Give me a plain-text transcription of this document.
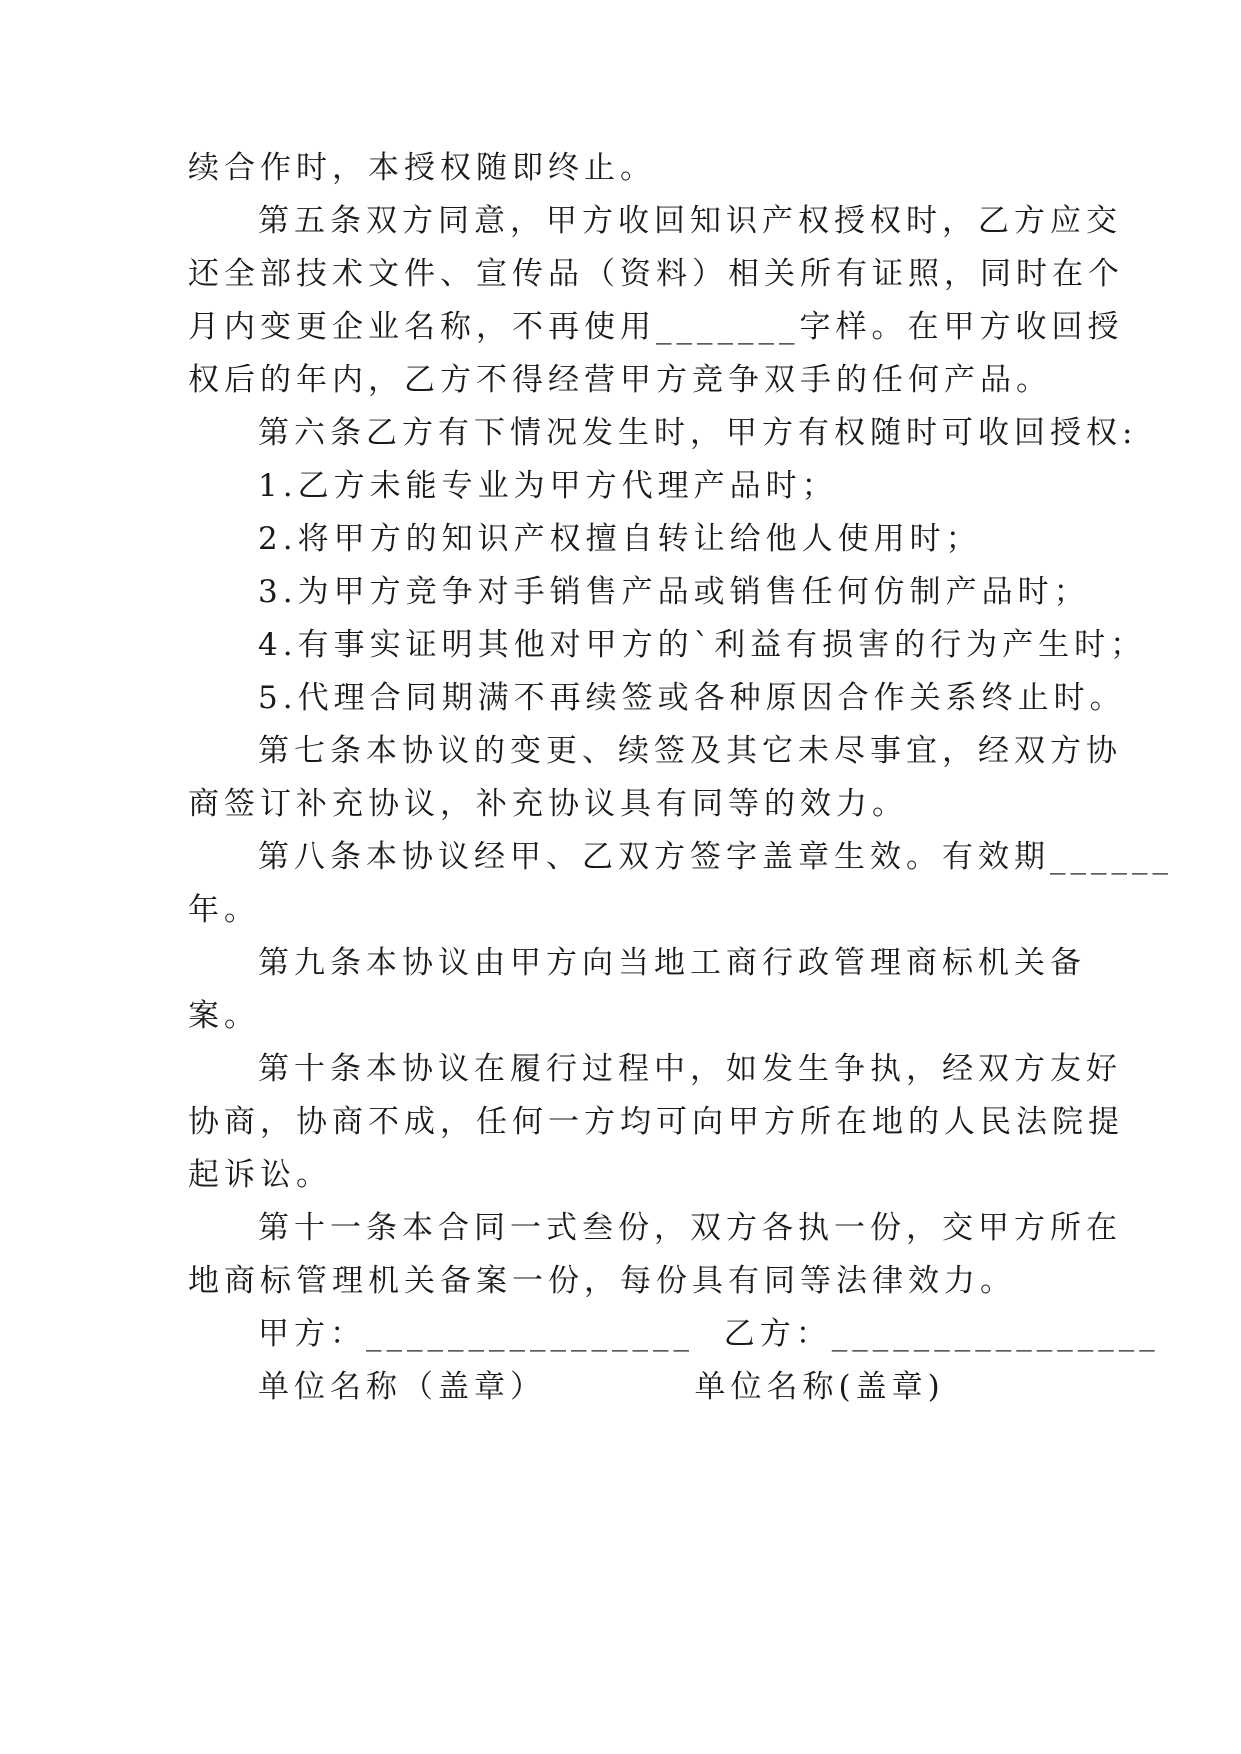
续合作时，本授权随即终止。

第五条双方同意，甲方收回知识产权授权时，乙方应交

还全部技术文件、宣传品（资料）相关所有证照，同时在个

月内变更企业名称，不再使用_______字样。在甲方收回授

权后的年内，乙方不得经营甲方竞争双手的任何产品。

第六条乙方有下情况发生时，甲方有权随时可收回授权:

1.乙方未能专业为甲方代理产品时；

2.将甲方的知识产权擅自转让给他人使用时；

3.为甲方竞争对手销售产品或销售任何仿制产品时；

4.有事实证明其他对甲方的`利益有损害的行为产生时；

5.代理合同期满不再续签或各种原因合作关系终止时。

第七条本协议的变更、续签及其它未尽事宜，经双方协

商签订补充协议，补充协议具有同等的效力。

第八条本协议经甲、乙双方签字盖章生效。有效期______

年。

第九条本协议由甲方向当地工商行政管理商标机关备

案。

第十条本协议在履行过程中，如发生争执，经双方友好

协商，协商不成，任何一方均可向甲方所在地的人民法院提

起诉讼。

第十一条本合同一式叁份，双方各执一份，交甲方所在

地商标管理机关备案一份，每份具有同等法律效力。

甲方：________________  乙方：________________

单位名称（盖章）          单位名称(盖章)
